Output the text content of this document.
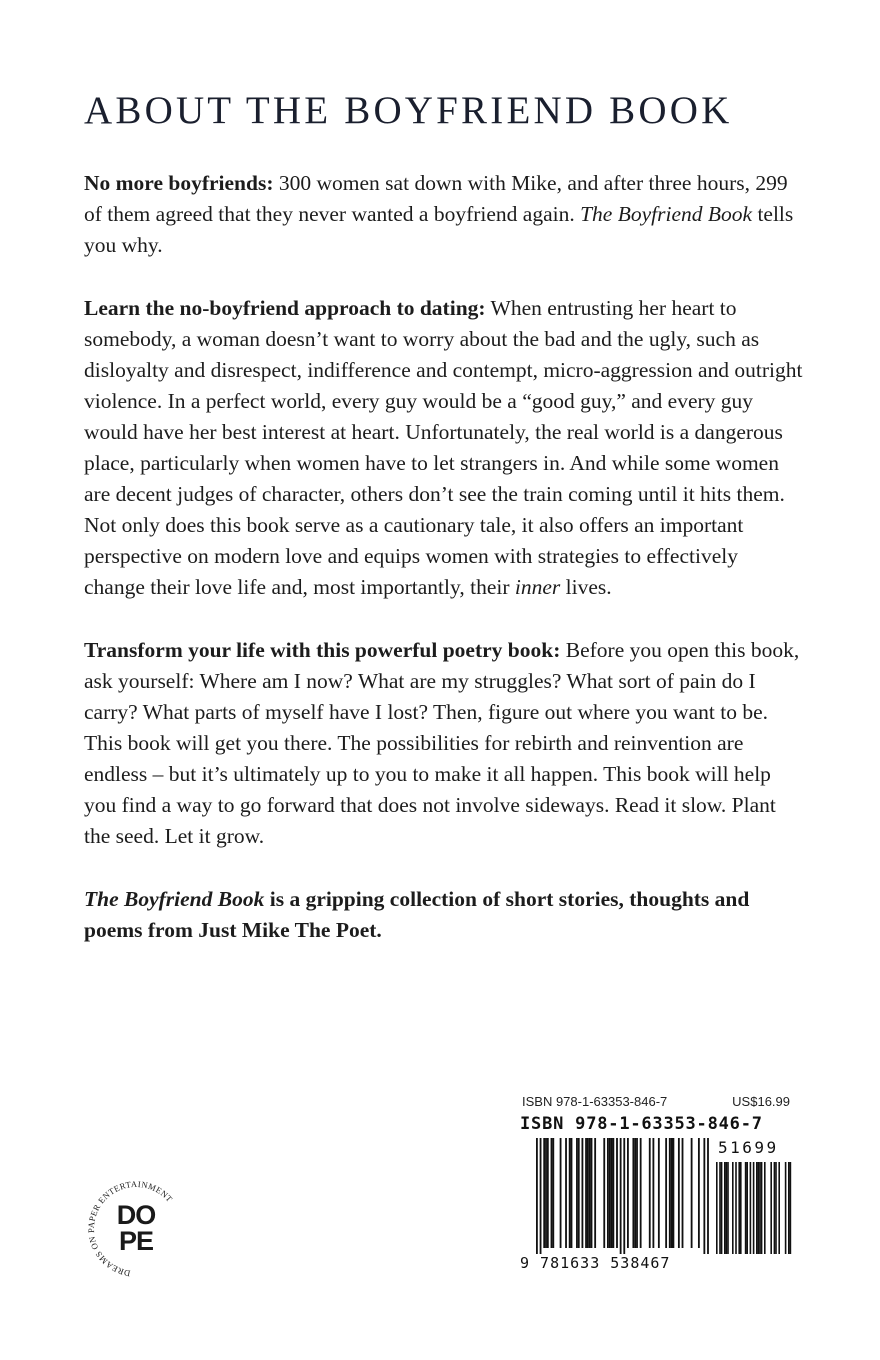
ABOUT THE BOYFRIEND BOOK

No more boyfriends: 300 women sat down with Mike, and after three hours, 299 of them agreed that they never wanted a boyfriend again. The Boyfriend Book tells you why.

Learn the no-boyfriend approach to dating: When entrusting her heart to somebody, a woman doesn’t want to worry about the bad and the ugly, such as disloyalty and disrespect, indifference and contempt, micro-aggression and outright violence. In a perfect world, every guy would be a “good guy,” and every guy would have her best interest at heart. Unfortunately, the real world is a dangerous place, particularly when women have to let strangers in. And while some women are decent judges of character, others don’t see the train coming until it hits them. Not only does this book serve as a cautionary tale, it also offers an important perspective on modern love and equips women with strategies to effectively change their love life and, most importantly, their inner lives.

Transform your life with this powerful poetry book: Before you open this book, ask yourself: Where am I now? What are my struggles? What sort of pain do I carry? What parts of myself have I lost? Then, figure out where you want to be. This book will get you there. The possibilities for rebirth and reinvention are endless – but it’s ultimately up to you to make it all happen. This book will help you find a way to go forward that does not involve sideways. Read it slow. Plant the seed. Let it grow.

The Boyfriend Book is a gripping collection of short stories, thoughts and poems from Just Mike The Poet.

DREAMS ON PAPER ENTERTAINMENT
DO
PE
ISBN 978-1-63353-846-7	US$16.99
ISBN 978-1-63353-846-7
51699
9 781633 538467
